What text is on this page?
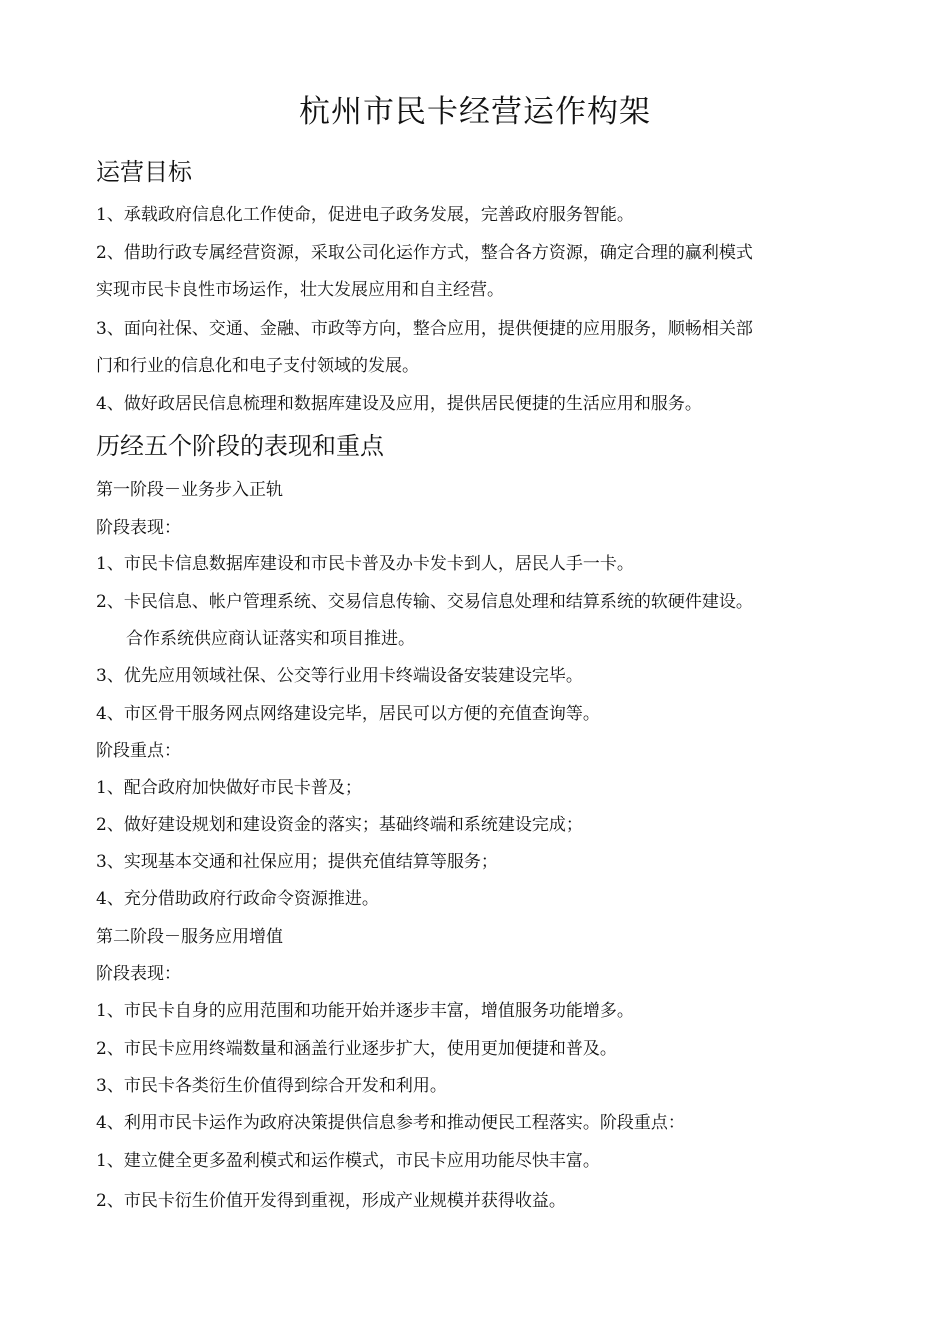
杭州市民卡经营运作构架
运营目标

1、承载政府信息化工作使命，促进电子政务发展，完善政府服务智能。

2、借助行政专属经营资源，采取公司化运作方式，整合各方资源，确定合理的赢利模式

实现市民卡良性市场运作，壮大发展应用和自主经营。

3、面向社保、交通、金融、市政等方向，整合应用，提供便捷的应用服务，顺畅相关部

门和行业的信息化和电子支付领域的发展。

4、做好政居民信息梳理和数据库建设及应用，提供居民便捷的生活应用和服务。

历经五个阶段的表现和重点

第一阶段－业务步入正轨

阶段表现：

1、市民卡信息数据库建设和市民卡普及办卡发卡到人，居民人手一卡。

2、卡民信息、帐户管理系统、交易信息传输、交易信息处理和结算系统的软硬件建设。

合作系统供应商认证落实和项目推进。

3、优先应用领域社保、公交等行业用卡终端设备安装建设完毕。

4、市区骨干服务网点网络建设完毕，居民可以方便的充值查询等。

阶段重点：

1、配合政府加快做好市民卡普及；

2、做好建设规划和建设资金的落实；基础终端和系统建设完成；

3、实现基本交通和社保应用；提供充值结算等服务；

4、充分借助政府行政命令资源推进。

第二阶段－服务应用增值

阶段表现：

1、市民卡自身的应用范围和功能开始并逐步丰富，增值服务功能增多。

2、市民卡应用终端数量和涵盖行业逐步扩大，使用更加便捷和普及。

3、市民卡各类衍生价值得到综合开发和利用。

4、利用市民卡运作为政府决策提供信息参考和推动便民工程落实。阶段重点：

1、建立健全更多盈利模式和运作模式，市民卡应用功能尽快丰富。

2、市民卡衍生价值开发得到重视，形成产业规模并获得收益。
